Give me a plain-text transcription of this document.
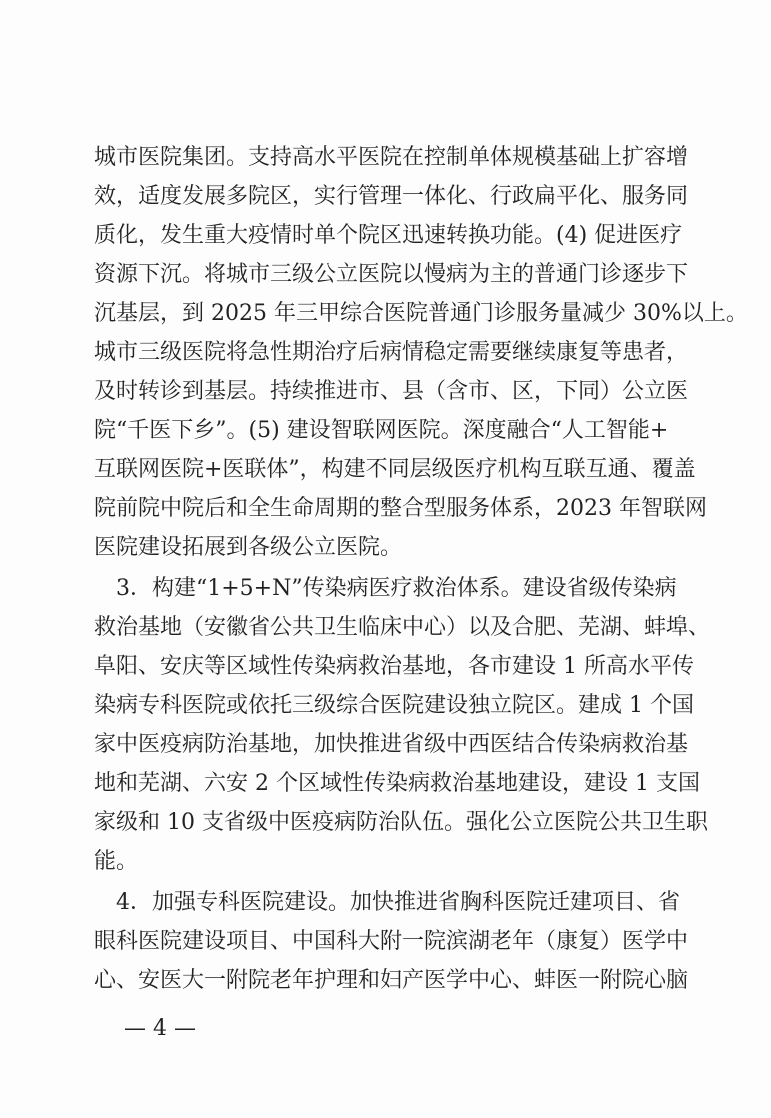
城市医院集团。支持高水平医院在控制单体规模基础上扩容增
效，适度发展多院区，实行管理一体化、行政扁平化、服务同
质化，发生重大疫情时单个院区迅速转换功能。(4) 促进医疗
资源下沉。将城市三级公立医院以慢病为主的普通门诊逐步下
沉基层，到 2025 年三甲综合医院普通门诊服务量减少 30%以上。
城市三级医院将急性期治疗后病情稳定需要继续康复等患者，
及时转诊到基层。持续推进市、县（含市、区，下同）公立医
院“千医下乡”。(5) 建设智联网医院。深度融合“人工智能+
互联网医院+医联体”，构建不同层级医疗机构互联互通、覆盖
院前院中院后和全生命周期的整合型服务体系，2023 年智联网
医院建设拓展到各级公立医院。
　3．构建“1+5+N”传染病医疗救治体系。建设省级传染病
救治基地（安徽省公共卫生临床中心）以及合肥、芜湖、蚌埠、
阜阳、安庆等区域性传染病救治基地，各市建设 1 所高水平传
染病专科医院或依托三级综合医院建设独立院区。建成 1 个国
家中医疫病防治基地，加快推进省级中西医结合传染病救治基
地和芜湖、六安 2 个区域性传染病救治基地建设，建设 1 支国
家级和 10 支省级中医疫病防治队伍。强化公立医院公共卫生职
能。
　4．加强专科医院建设。加快推进省胸科医院迁建项目、省
眼科医院建设项目、中国科大附一院滨湖老年（康复）医学中
心、安医大一附院老年护理和妇产医学中心、蚌医一附院心脑
— 4 —
